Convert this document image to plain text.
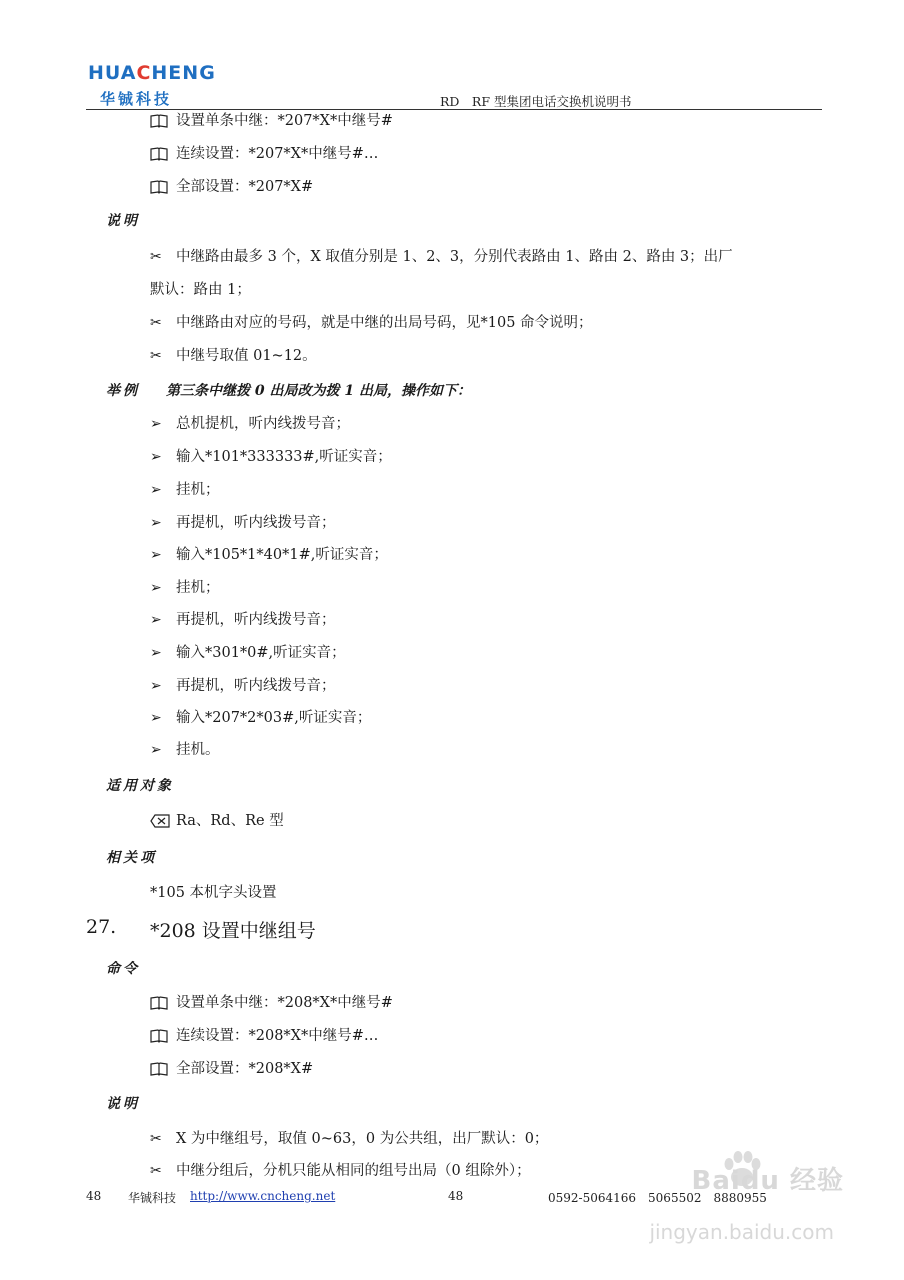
HUACHENG
华铖科技	RD　RF 型集团电话交换机说明书
设置单条中继：*207*X*中继号#
连续设置：*207*X*中继号#…
全部设置：*207*X#
说明
✂ 中继路由最多 3 个，X 取值分别是 1、2、3，分别代表路由 1、路由 2、路由 3；出厂
默认：路由 1；
✂ 中继路由对应的号码，就是中继的出局号码，见*105 命令说明；
✂ 中继号取值 01~12。
举例 第三条中继拨 0 出局改为拨 1 出局，操作如下：
➢ 总机提机，听内线拨号音；
➢ 输入*101*333333#,听证实音；
➢ 挂机；
➢ 再提机，听内线拨号音；
➢ 输入*105*1*40*1#,听证实音；
➢ 挂机；
➢ 再提机，听内线拨号音；
➢ 输入*301*0#,听证实音；
➢ 再提机，听内线拨号音；
➢ 输入*207*2*03#,听证实音；
➢ 挂机。
适用对象
Ra、Rd、Re 型
相关项
*105 本机字头设置
27. *208 设置中继组号
命令
设置单条中继：*208*X*中继号#
连续设置：*208*X*中继号#…
全部设置：*208*X#
说明
✂ X 为中继组号，取值 0~63，0 为公共组，出厂默认：0；
✂ 中继分组后，分机只能从相同的组号出局（0 组除外）；
48 华铖科技 http://www.cncheng.net	48	0592-5064166　5065502　8880955
Baidu 经验
jingyan.baidu.com
